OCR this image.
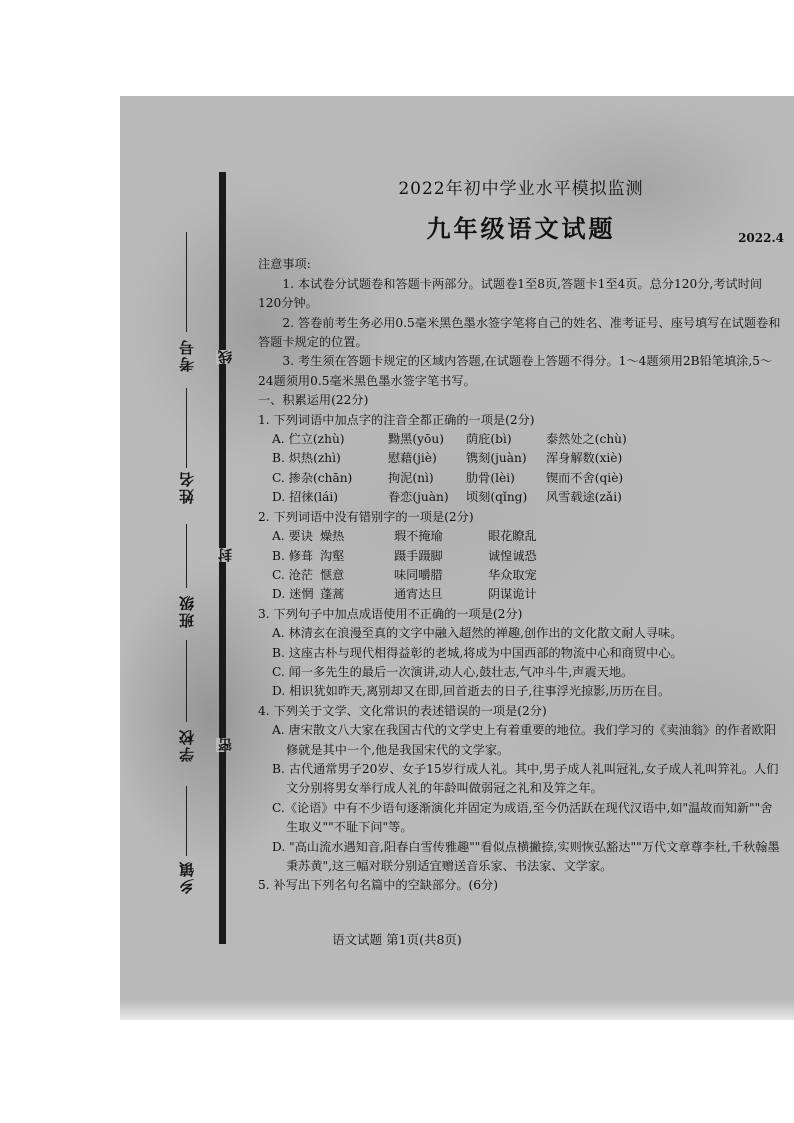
线
封
密
考号
姓名
班级
学校
乡镇
2022年初中学业水平模拟监测
九年级语文试题	2022.4

注意事项:

1. 本试卷分试题卷和答题卡两部分。试题卷1至8页,答题卡1至4页。总分120分,考试时间120分钟。

2. 答卷前考生务必用0.5毫米黑色墨水签字笔将自己的姓名、准考证号、座号填写在试题卷和答题卡规定的位置。

3. 考生须在答题卡规定的区域内答题,在试题卷上答题不得分。1～4题须用2B铅笔填涂,5～24题须用0.5毫米黑色墨水签字笔书写。

一、积累运用(22分)

1. 下列词语中加点字的注音全都正确的一项是(2分)

A. 伫立(zhù)	黝黑(yōu)	荫庇(bì)	泰然处之(chù)
B. 炽热(zhì)	慰藉(jiè)	镌刻(juàn)	浑身解数(xiè)
C. 掺杂(chān)	拘泥(nì)	肋骨(lèi)	锲而不舍(qiè)
D. 招徕(lái)	眷恋(juàn)	顷刻(qǐng)	风雪载途(zǎi)

2. 下列词语中没有错别字的一项是(2分)

A. 要诀 燥热	瑕不掩瑜	眼花瞭乱
B. 修葺 沟壑	蹑手蹑脚	诚惶诚恐
C. 沧茫 惬意	味同嚼腊	华众取宠
D. 迷惘 蓬蒿	通宵达旦	阴谋诡计

3. 下列句子中加点成语使用不正确的一项是(2分)

A. 林清玄在浪漫至真的文字中融入超然的禅趣,创作出的文化散文耐人寻味。

B. 这座古朴与现代相得益彰的老城,将成为中国西部的物流中心和商贸中心。

C. 闻一多先生的最后一次演讲,动人心,鼓壮志,气冲斗牛,声震天地。

D. 相识犹如昨天,离别却又在即,回首逝去的日子,往事浮光掠影,历历在目。

4. 下列关于文学、文化常识的表述错误的一项是(2分)

A. 唐宋散文八大家在我国古代的文学史上有着重要的地位。我们学习的《卖油翁》的作者欧阳修就是其中一个,他是我国宋代的文学家。

B. 古代通常男子20岁、女子15岁行成人礼。其中,男子成人礼叫冠礼,女子成人礼叫笄礼。人们文分别将男女举行成人礼的年龄叫做弱冠之礼和及笄之年。

C.《论语》中有不少语句逐渐演化并固定为成语,至今仍活跃在现代汉语中,如"温故而知新""舍生取义""不耻下问"等。

D. "高山流水遇知音,阳春白雪传雅趣""看似点横撇捺,实则恢弘豁达""万代文章尊李杜,千秋翰墨秉苏黄",这三幅对联分别适宜赠送音乐家、书法家、文学家。

5. 补写出下列名句名篇中的空缺部分。(6分)

语文试题 第1页(共8页)
